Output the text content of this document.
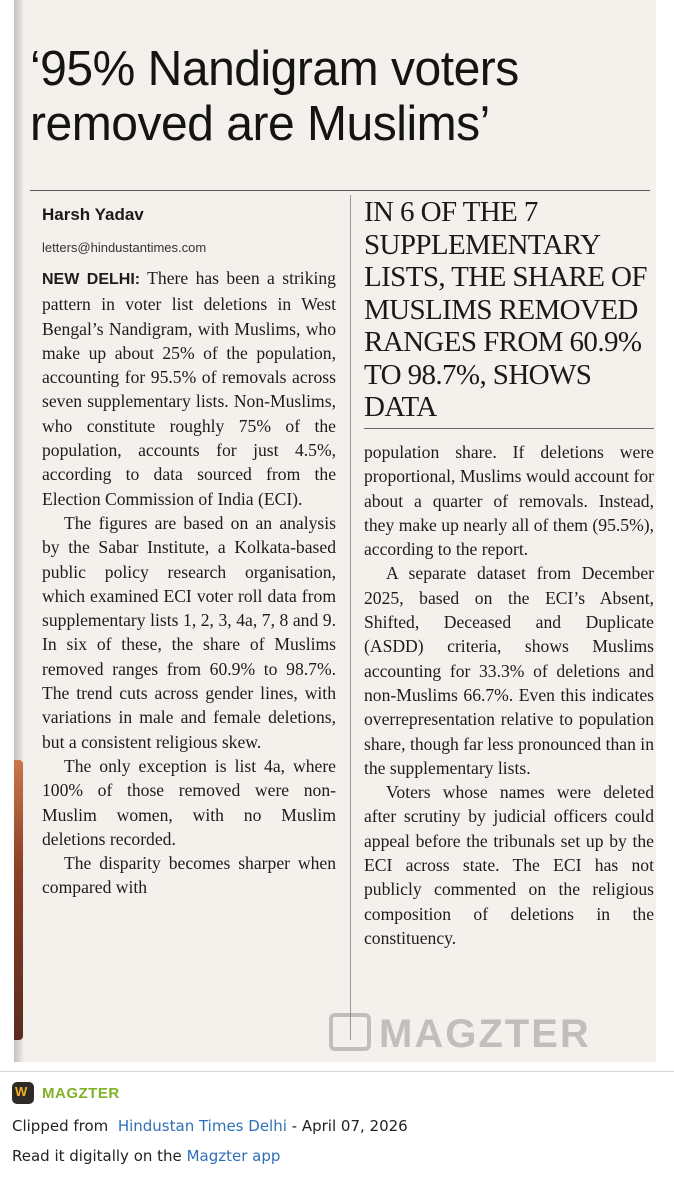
‘95% Nandigram voters
removed are Muslims’
Harsh Yadav
letters@hindustantimes.com

NEW DELHI: There has been a striking pattern in voter list deletions in West Bengal’s Nandigram, with Muslims, who make up about 25% of the population, accounting for 95.5% of removals across seven supplementary lists. Non-Muslims, who constitute roughly 75% of the population, accounts for just 4.5%, according to data sourced from the Election Commission of India (ECI).

The figures are based on an analysis by the Sabar Institute, a Kolkata-based public policy research organisation, which examined ECI voter roll data from supplementary lists 1, 2, 3, 4a, 7, 8 and 9. In six of these, the share of Muslims removed ranges from 60.9% to 98.7%. The trend cuts across gender lines, with variations in male and female deletions, but a consistent religious skew.

The only exception is list 4a, where 100% of those removed were non-Muslim women, with no Muslim deletions recorded.

The disparity becomes sharper when compared with

IN 6 OF THE 7 SUPPLEMENTARY LISTS, THE SHARE OF MUSLIMS REMOVED RANGES FROM 60.9% TO 98.7%, SHOWS DATA

population share. If deletions were proportional, Muslims would account for about a quarter of removals. Instead, they make up nearly all of them (95.5%), according to the report.

A separate dataset from December 2025, based on the ECI’s Absent, Shifted, Deceased and Duplicate (ASDD) criteria, shows Muslims accounting for 33.3% of deletions and non-Muslims 66.7%. Even this indicates overrepresentation relative to population share, though far less pronounced than in the supplementary lists.

Voters whose names were deleted after scrutiny by judicial officers could appeal before the tribunals set up by the ECI across state. The ECI has not publicly commented on the religious composition of deletions in the constituency.

MAGZTER
WMAGZTER
Clipped from Hindustan Times Delhi - April 07, 2026
Read it digitally on the Magzter app
